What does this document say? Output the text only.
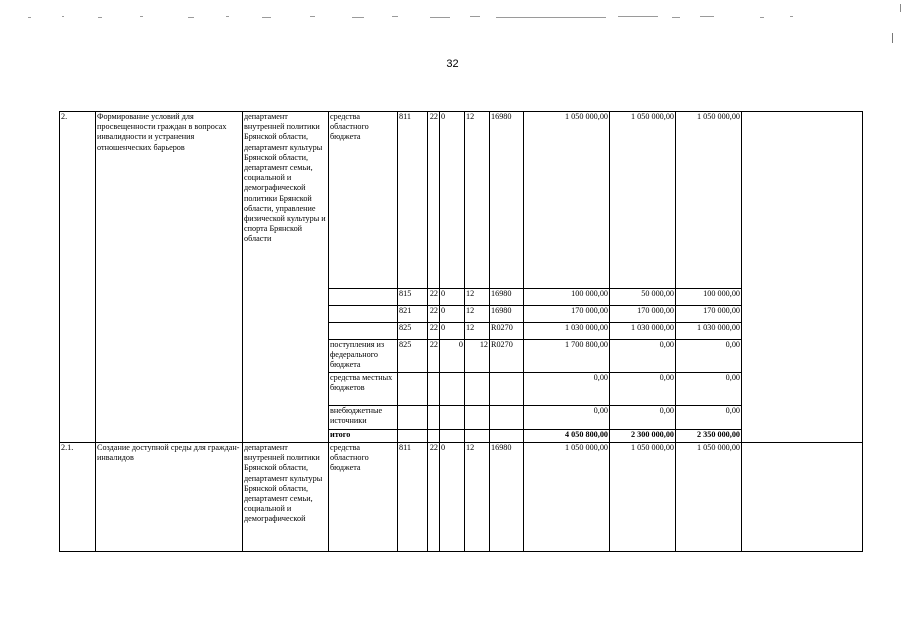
32
2.	Формирование условий для просвещенности граждан в вопросах инвалидности и устранения отношенческих барьеров	департамент внутренней политики Брянской области, департамент культуры Брянской области, департамент семьи, социальной и демографической политики Брянской области, управление физической культуры и спорта Брянской области	средства областного бюджета	811	22	0	12	16980	1 050 000,00	1 050 000,00	1 050 000,00	
				815	22	0	12	16980	100 000,00	50 000,00	100 000,00	
				821	22	0	12	16980	170 000,00	170 000,00	170 000,00	
				825	22	0	12	R0270	1 030 000,00	1 030 000,00	1 030 000,00	
			поступления из федерального бюджета	825	22	0	12	R0270	1 700 800,00	0,00	0,00	
			средства местных бюджетов						0,00	0,00	0,00	
			внебюджетные источники						0,00	0,00	0,00	
			итого						4 050 800,00	2 300 000,00	2 350 000,00	
2.1.	Создание доступной среды для граждан-инвалидов	департамент внутренней политики Брянской области, департамент культуры Брянской области, департамент семьи, социальной и демографической	средства областного бюджета	811	22	0	12	16980	1 050 000,00	1 050 000,00	1 050 000,00	
